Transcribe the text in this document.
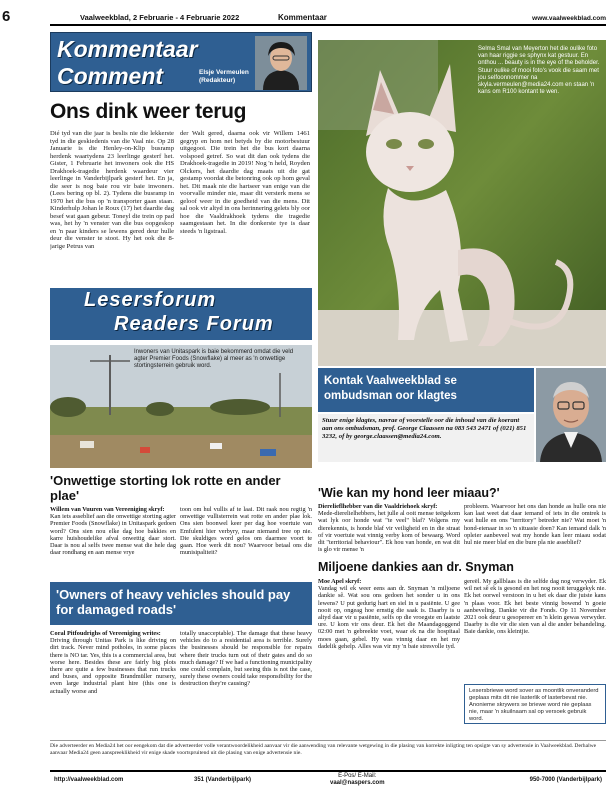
6	Vaalweekblad, 2 Februarie - 4 Februarie 2022	Kommentaar	www.vaalweekblad.com
Kommentaar
Comment	Elsje Vermeulen
(Redakteur)
Ons dink weer terug
Dié tyd van die jaar is beslis nie die lekkerste tyd in die geskiedenis van die Vaal nie. Op 28 Januarie is die Henley-on-Klip busramp herdenk waartydens 23 leerlinge gesterf het. Gister, 1 Februarie het inwoners ook die HS Drakhoek-tragedie herdenk waardeur vier leerlinge in Vanderbijlpark gesterf het. En ja, die seer is nog baie rou vir baie inwoners. (Lees bering op bl. 2). Tydens die busramp in 1970 het die bus op 'n transporter gaan staan. Kinderhulp Johan le Roux (17) het daardie dag besef wat gaan gebeur. Toneyl die trein op pad was, het hy 'n venster van die bus oopgeskop en 'n paar kinders se lewens gered deur hulle deur die venster te stoot. Hy het ook die 8-jarige Petrus van
der Walt gered, daarna ook vir Willem 1461 gegryp en hom net betyds by die motorbestuur uitgegooi. Die trein het die bus kort daarna volspoed getref. So wat dit dan ook tydens die Drakhoek-tragedie in 2019! Nog 'n held, Royden Olckers, het daardie dag maats uit die gat gestamp voordat die betonring ook op hom geval het. Dit maak nie die hartseer van enige van die voorvalle minder nie, maar dit versterk mens se geloof weer in die goedheid van die mens. Dit sal ook vir altyd in ons herinnering gelets bly oor hoe die Vaaldrakhoek tydens die tragedie saamgestaan het. In die donkerste tye is daar steeds 'n ligstraal.
Selma Smal van Meyerton het die oulike foto van haar riggie se sphynx kat gestuur. En onthou ... beauty is in the eye of the beholder. Stuur oulike of mooi foto's vook die saam met jou selfoonnommer na skyla.vermeulen@media24.com en staan 'n kans om R100 kontant te wen.
Lesersforum
Readers Forum
Inwoners van Unitaspark is baie bekommerd omdat die veld agter Premier Foods (Snowflake) al meer as 'n onwettige stortingsterrein gebruik word.
Kontak Vaalweekblad se ombudsman oor klagtes
Stuur enige klagtes, navrae of voorstelle oor die inhoud van die koerant aan ons ombudsman, prof. George Claassen na 083 543 2471 of (021) 851 3232, of by george.claassen@media24.com.
'Onwettige storting lok rotte en ander plae'
Willem van Vuuren van Vereeniging skryf:
Kan iets asseblief aan die onwettige storting agter Premier Foods (Snowflake) in Unitaspark gedoen word? Ons sien nou elke dag hoe bakkies en karre huishoudelike afval onwettig daar stort. Daar is nou al selfs twee mense wat die hele dag daar rondhang en aan mense vrye
toon om hul vullis af te laai. Dit raak nou regtig 'n onwettige vullisterrein wat rotte en ander plae lok. Ons sien boonwel keer per dag hoe voertuie van Emfuleni hier verbyry, maar niemand tree op nie. Die skuldiges word gelos om daarmee voort te gaan. Hoe werk dit nou? Waarvoor betaal ons die munisipaliteit?
'Owners of heavy vehicles should pay for damaged roads'
Coral Pitfoudrighs of Vereeniging writes:
Driving through Unitas Park is like driving on dirt track. Never mind potholes, in some places there is NO tar. Yes, this is a commercial area, but worse here. Besides these are fairly big plots there are quite a few businesses that run trucks and buses, and opposite Brandmüller nursery, even large industrial plant hire (this one is actually worse and
totally unacceptable). The damage that these heavy vehicles do to a residential area is terrible. Surely the businesses should be responsible for repairs where their trucks turn out of their gates and do so much damage? If we had a functioning municipality one could complain, but seeing this is not the case, surely these owners could take responsibility for the destruction they're causing?
'Wie kan my hond leer miaau?'
Dierelieflhebber van die Vaaldriehoek skryf:
Mede-dierelielhebbers, het julle al ooit mense teëgekom wat lyk oor honde wat "te veel" blaf? Volgens my dierekennis, is honde blaf vir veiligheid en in die straat of vir voertuie wat vinnig verby kom of bewaarg. Word dit "territorial behaviour". Ek hou van honde, en wat dit is glo vir mense 'n
probleem. Waarvoor het ons dan honde as hulle ons nie kan laat weet dat daar iemand of iets in die omtrek is wat hulle en ons "territory" betreder nie? Wat moet 'n hond-eienaar in so 'n situasie doen? Kan iemand dalk 'n opleier aanbeveel wat my honde kan leer miaau sodat hul nie meer blaf en die bure pla nie asseblief?
Miljoene dankies aan dr. Snyman
Moe Apel skryf:
Vandag wil ek weer eens aan dr. Snyman 'n miljoene dankie sê. Wat sou ons gedoen het sonder u in ons lewens? U put gedurig hart en siel in u pasiënte. U gee nooit op, ongeag hoe ernstig die saak is. Daarby is u altyd daar vir u pasiënte, selfs op die vroegste en laatste ure. U kom vir ons deur. Ek het die Maandagoggend 02:00 met 'n gebreekte voet, waar ek na die hospitaal moes gaan, gebel. Hy was vinnig daar en het my dadelik gehelp. Alles was vir my 'n baie stresvolle tyd.
gereël. My gallblaas is die selfde dag nog verwyder. Ek wil net sê ek is gesond en het nog nooit teruggekyk nie. Ek het oorwel verstoon in u het ek daar die juiste kans 'n plaas voor. Ek het beste vinnig bowend 'n goeie aanbeveling. Dankie vir die Fonds. Op 11 November 2021 ook deur u gesopereer en 'n klein gewas verwyder. Daarby is die vir die sien van al die ander behandeling. Baie dankie, ons kleintjie.
Lesersbriewe word sover as moontlik onveranderd geplaas mits dit nie lasterlik of lasterbevat nie. Anonieme skrywers se briewe word nie geplaas nie, maar 'n skuilnaam sal op versoek gebruik word.
Die adverteerder en Media24 het oor eengekom dat die adverteerder volle verantwoordelikheid aanvaar vir die aanwending van relevante wetgewing in die plasing van korrekte inligting ten opsigte van sy advertensie in Vaalweekblad. Derhalwe aanvaar Media24 geen aanspreeklikheid vir enige skade voortspruitend uit die plasing van enige advertensie nie.
http://vaalweekblad.com	351 (Vanderbijlpark)
E-Pos/ E-Mail:
vaal@naspers.com	950-7000 (Vanderbijlpark)
